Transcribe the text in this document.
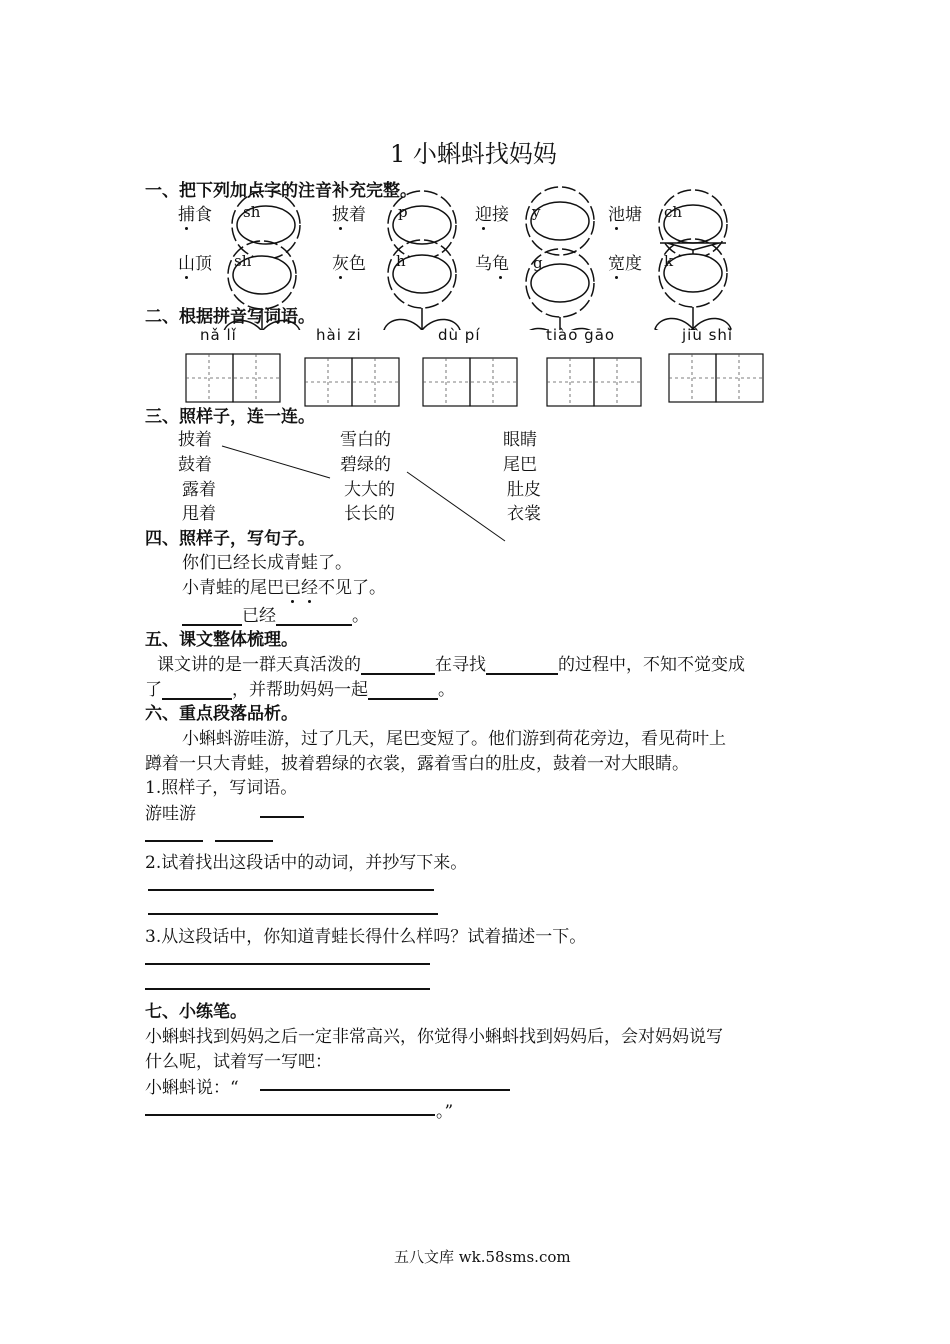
1 小蝌蚪找妈妈
一、把下列加点字的注音补充完整。
捕食 sh	披着 p	迎接 y	池塘 ch
山顶 sh	灰色 h	乌龟 g	宽度 k
二、根据拼音写词语。
nǎ lǐ	hài zi	dù pí	tiào gāo	jiù shì
三、照样子，连一连。
披着
鼓着
露着
甩着
雪白的
碧绿的
大大的
长长的
眼睛
尾巴
肚皮
衣裳
四、照样子，写句子。
你们已经长成青蛙了。
小青蛙的尾巴已经不见了。
已经	。
五、课文整体梳理。
课文讲的是一群天真活泼的	在寻找	的过程中，不知不觉变成
了	，并帮助妈妈一起	。
六、重点段落品析。
小蝌蚪游哇游，过了几天，尾巴变短了。他们游到荷花旁边，看见荷叶上
蹲着一只大青蛙，披着碧绿的衣裳，露着雪白的肚皮，鼓着一对大眼睛。
1.照样子，写词语。
游哇游
2.试着找出这段话中的动词，并抄写下来。
3.从这段话中，你知道青蛙长得什么样吗？试着描述一下。
七、小练笔。
小蝌蚪找到妈妈之后一定非常高兴，你觉得小蝌蚪找到妈妈后，会对妈妈说写
什么呢，试着写一写吧：
小蝌蚪说：“
。”
五八文库 wk.58sms.com
